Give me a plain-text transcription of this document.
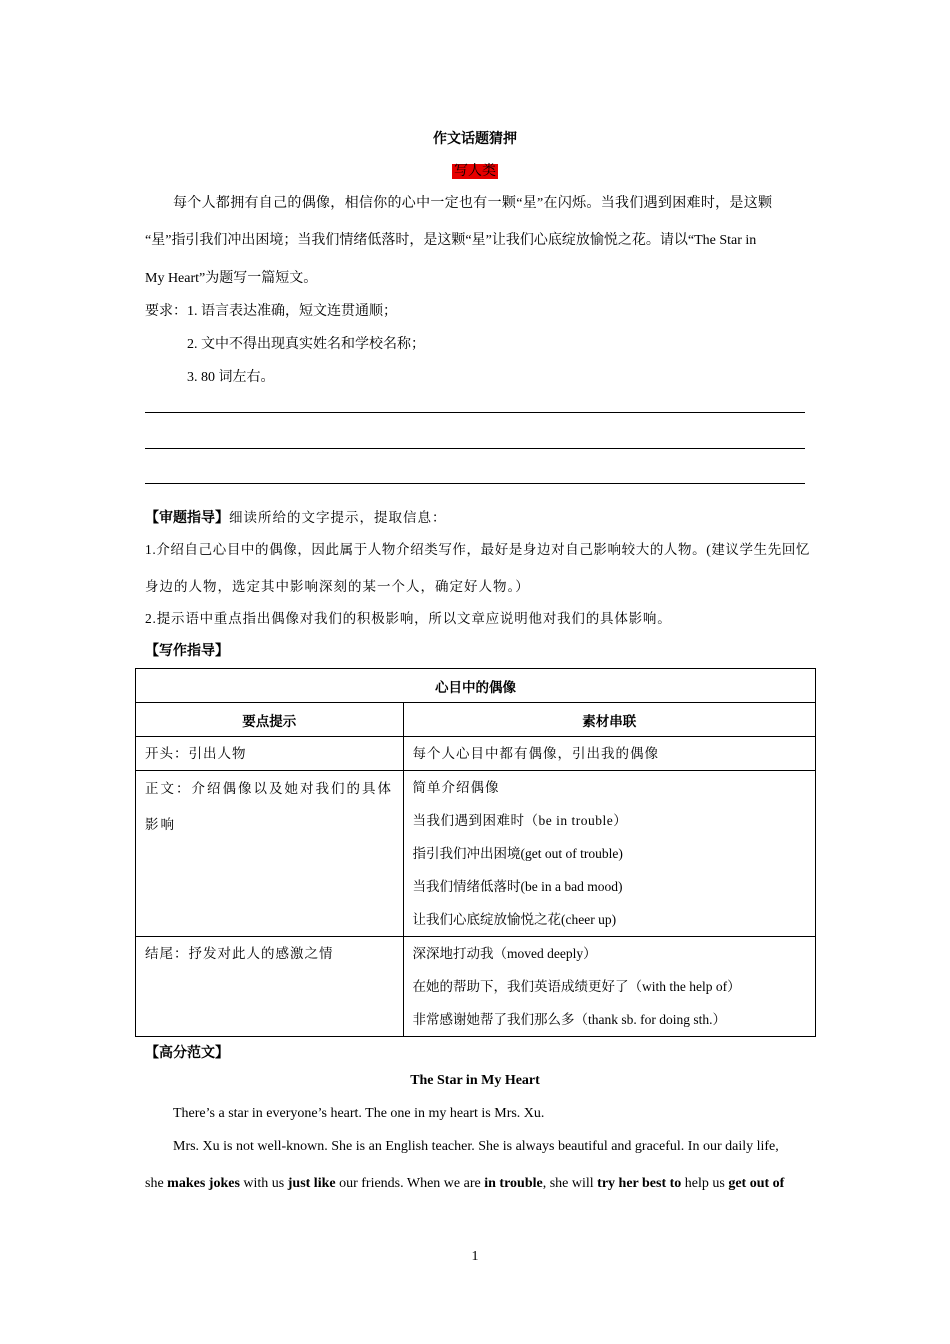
作文话题猜押
写人类
每个人都拥有自己的偶像，相信你的心中一定也有一颗“星”在闪烁。当我们遇到困难时，是这颗
“星”指引我们冲出困境；当我们情绪低落时，是这颗“星”让我们心底绽放愉悦之花。请以“The Star in
My Heart”为题写一篇短文。
要求：1. 语言表达准确，短文连贯通顺；
2. 文中不得出现真实姓名和学校名称；
3. 80 词左右。
【审题指导】细读所给的文字提示，提取信息：
1.介绍自己心目中的偶像，因此属于人物介绍类写作，最好是身边对自己影响较大的人物。(建议学生先回忆
身边的人物，选定其中影响深刻的某一个人，确定好人物。）
2.提示语中重点指出偶像对我们的积极影响，所以文章应说明他对我们的具体影响。
【写作指导】
心目中的偶像	
要点提示	素材串联

开头：引出人物	每个人心目中都有偶像，引出我的偶像

正文：介绍偶像以及她对我们的具体影响	简单介绍偶像
当我们遇到困难时（be in trouble）
指引我们冲出困境(get out of trouble)
当我们情绪低落时(be in a bad mood)
让我们心底绽放愉悦之花(cheer up)

结尾：抒发对此人的感激之情	深深地打动我（moved deeply）
在她的帮助下，我们英语成绩更好了（with the help of）
非常感谢她帮了我们那么多（thank sb. for doing sth.）
【高分范文】
The Star in My Heart
There’s a star in everyone’s heart. The one in my heart is Mrs. Xu.
Mrs. Xu is not well-known. She is an English teacher. She is always beautiful and graceful. In our daily life,
she makes jokes with us just like our friends. When we are in trouble, she will try her best to help us get out of
1
